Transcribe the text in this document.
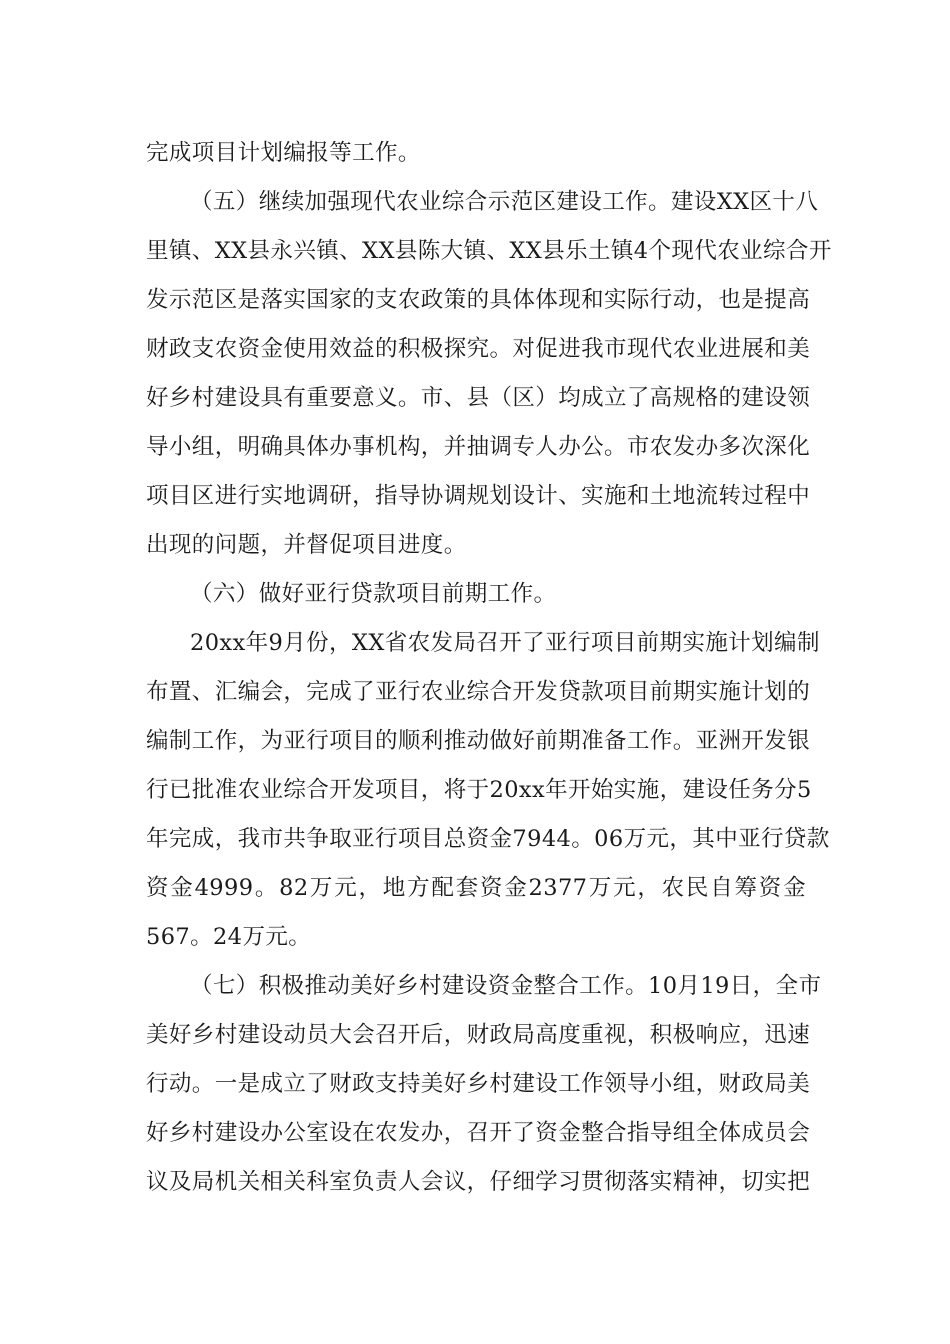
完成项目计划编报等工作。
（五）继续加强现代农业综合示范区建设工作。建设XX区十八
里镇、XX县永兴镇、XX县陈大镇、XX县乐土镇4个现代农业综合开
发示范区是落实国家的支农政策的具体体现和实际行动，也是提高
财政支农资金使用效益的积极探究。对促进我市现代农业进展和美
好乡村建设具有重要意义。市、县（区）均成立了高规格的建设领
导小组，明确具体办事机构，并抽调专人办公。市农发办多次深化
项目区进行实地调研，指导协调规划设计、实施和土地流转过程中
出现的问题，并督促项目进度。
（六）做好亚行贷款项目前期工作。
20xx年9月份，XX省农发局召开了亚行项目前期实施计划编制
布置、汇编会，完成了亚行农业综合开发贷款项目前期实施计划的
编制工作，为亚行项目的顺利推动做好前期准备工作。亚洲开发银
行已批准农业综合开发项目，将于20xx年开始实施，建设任务分5
年完成，我市共争取亚行项目总资金7944。06万元，其中亚行贷款
资金4999。82万元，地方配套资金2377万元，农民自筹资金
567。24万元。
（七）积极推动美好乡村建设资金整合工作。10月19日，全市
美好乡村建设动员大会召开后，财政局高度重视，积极响应，迅速
行动。一是成立了财政支持美好乡村建设工作领导小组，财政局美
好乡村建设办公室设在农发办，召开了资金整合指导组全体成员会
议及局机关相关科室负责人会议，仔细学习贯彻落实精神，切实把
